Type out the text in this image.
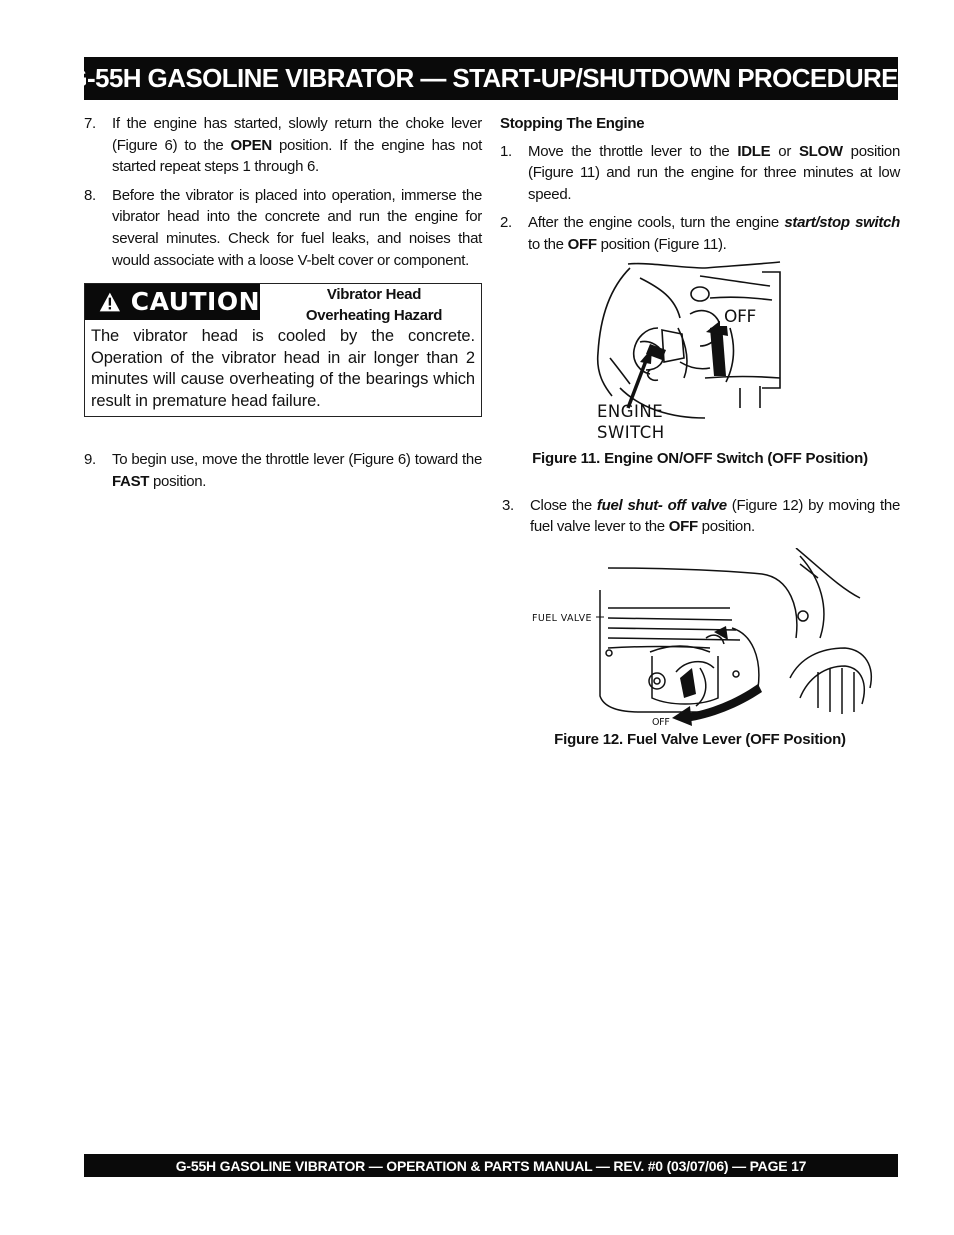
G-55H GASOLINE VIBRATOR — START-UP/SHUTDOWN PROCEDURES
7. If the engine has started, slowly return the choke lever (Figure 6) to the OPEN position. If the engine has not started repeat steps 1 through 6.

8. Before the vibrator is placed into operation, immerse the vibrator head into the concrete and run the engine for several minutes. Check for fuel leaks, and noises that would associate with a loose V-belt cover or component.

CAUTION	Vibrator Head Overheating Hazard
The vibrator head is cooled by the concrete. Operation of the vibrator head in air longer than 2 minutes will cause overheating of the bearings which result in premature head failure.
9. To begin use, move the throttle lever (Figure 6) toward the FAST position.

Stopping The Engine

1. Move the throttle lever to the IDLE or SLOW position (Figure 11) and run the engine for three minutes at low speed.

2. After the engine cools, turn the engine start/stop switch to the OFF position (Figure 11).

OFF
ENGINE
SWITCH
Figure 11. Engine ON/OFF Switch (OFF Position)
3. Close the fuel shut- off valve (Figure 12) by moving the fuel valve lever to the OFF position.

FUEL VALVE
OFF
Figure 12. Fuel Valve Lever (OFF Position)
G-55H GASOLINE VIBRATOR — OPERATION & PARTS MANUAL — REV. #0 (03/07/06) — PAGE 17
